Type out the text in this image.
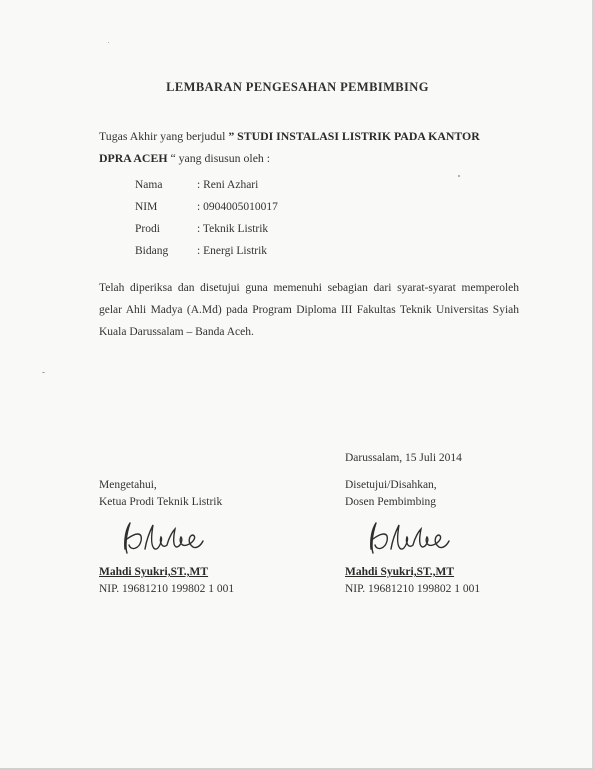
LEMBARAN PENGESAHAN PEMBIMBING
Tugas Akhir yang berjudul ” STUDI INSTALASI LISTRIK PADA KANTOR
DPRA ACEH “ yang disusun oleh :
Nama	: Reni Azhari
NIM	: 0904005010017
Prodi	: Teknik Listrik
Bidang	: Energi Listrik
Telah diperiksa dan disetujui guna memenuhi sebagian dari syarat-syarat memperoleh gelar Ahli Madya (A.Md) pada Program Diploma III Fakultas Teknik Universitas Syiah Kuala Darussalam – Banda Aceh.
Darussalam, 15 Juli 2014
Mengetahui,
Ketua Prodi Teknik Listrik
Mahdi Syukri,ST.,MT
NIP. 19681210 199802 1 001
Disetujui/Disahkan,
Dosen Pembimbing
Mahdi Syukri,ST.,MT
NIP. 19681210 199802 1 001
